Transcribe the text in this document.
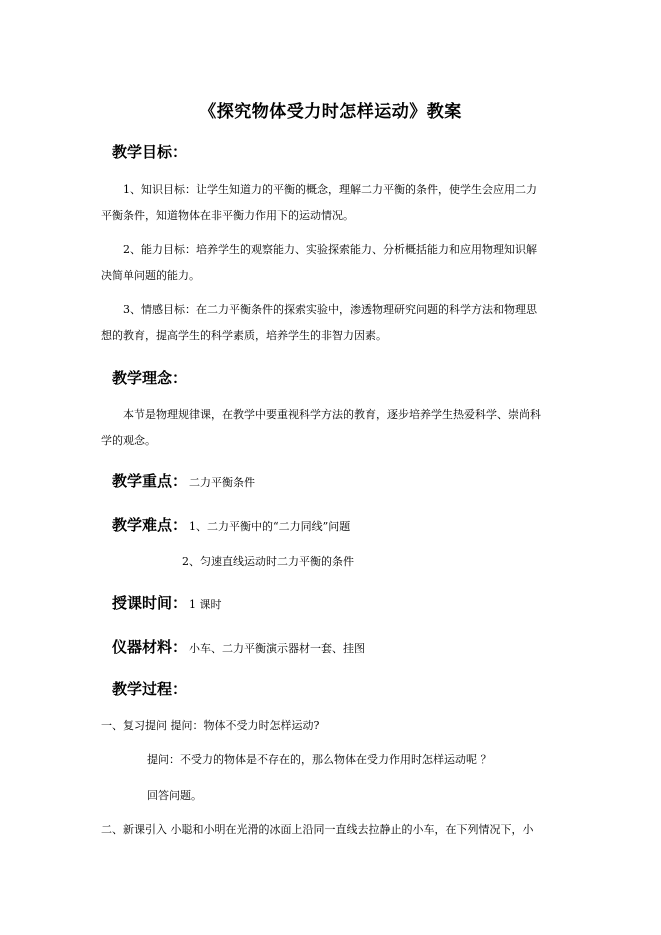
《探究物体受力时怎样运动》教案
教学目标：
1、知识目标：让学生知道力的平衡的概念，理解二力平衡的条件，使学生会应用二力
平衡条件，知道物体在非平衡力作用下的运动情况。
2、能力目标：培养学生的观察能力、实验探索能力、分析概括能力和应用物理知识解
决简单问题的能力。
3、情感目标：在二力平衡条件的探索实验中，渗透物理研究问题的科学方法和物理思
想的教育，提高学生的科学素质，培养学生的非智力因素。
教学理念：
本节是物理规律课，在教学中要重视科学方法的教育，逐步培养学生热爱科学、崇尚科
学的观念。
教学重点： 二力平衡条件
教学难点： 1、二力平衡中的“二力同线”问题
2、匀速直线运动时二力平衡的条件
授课时间： 1 课时
仪器材料： 小车、二力平衡演示器材一套、挂图
教学过程：
一、复习提问 提问：物体不受力时怎样运动?
提问：不受力的物体是不存在的，那么物体在受力作用时怎样运动呢 ？
回答问题。
二、新课引入 小聪和小明在光滑的冰面上沿同一直线去拉静止的小车，在下列情况下，小
